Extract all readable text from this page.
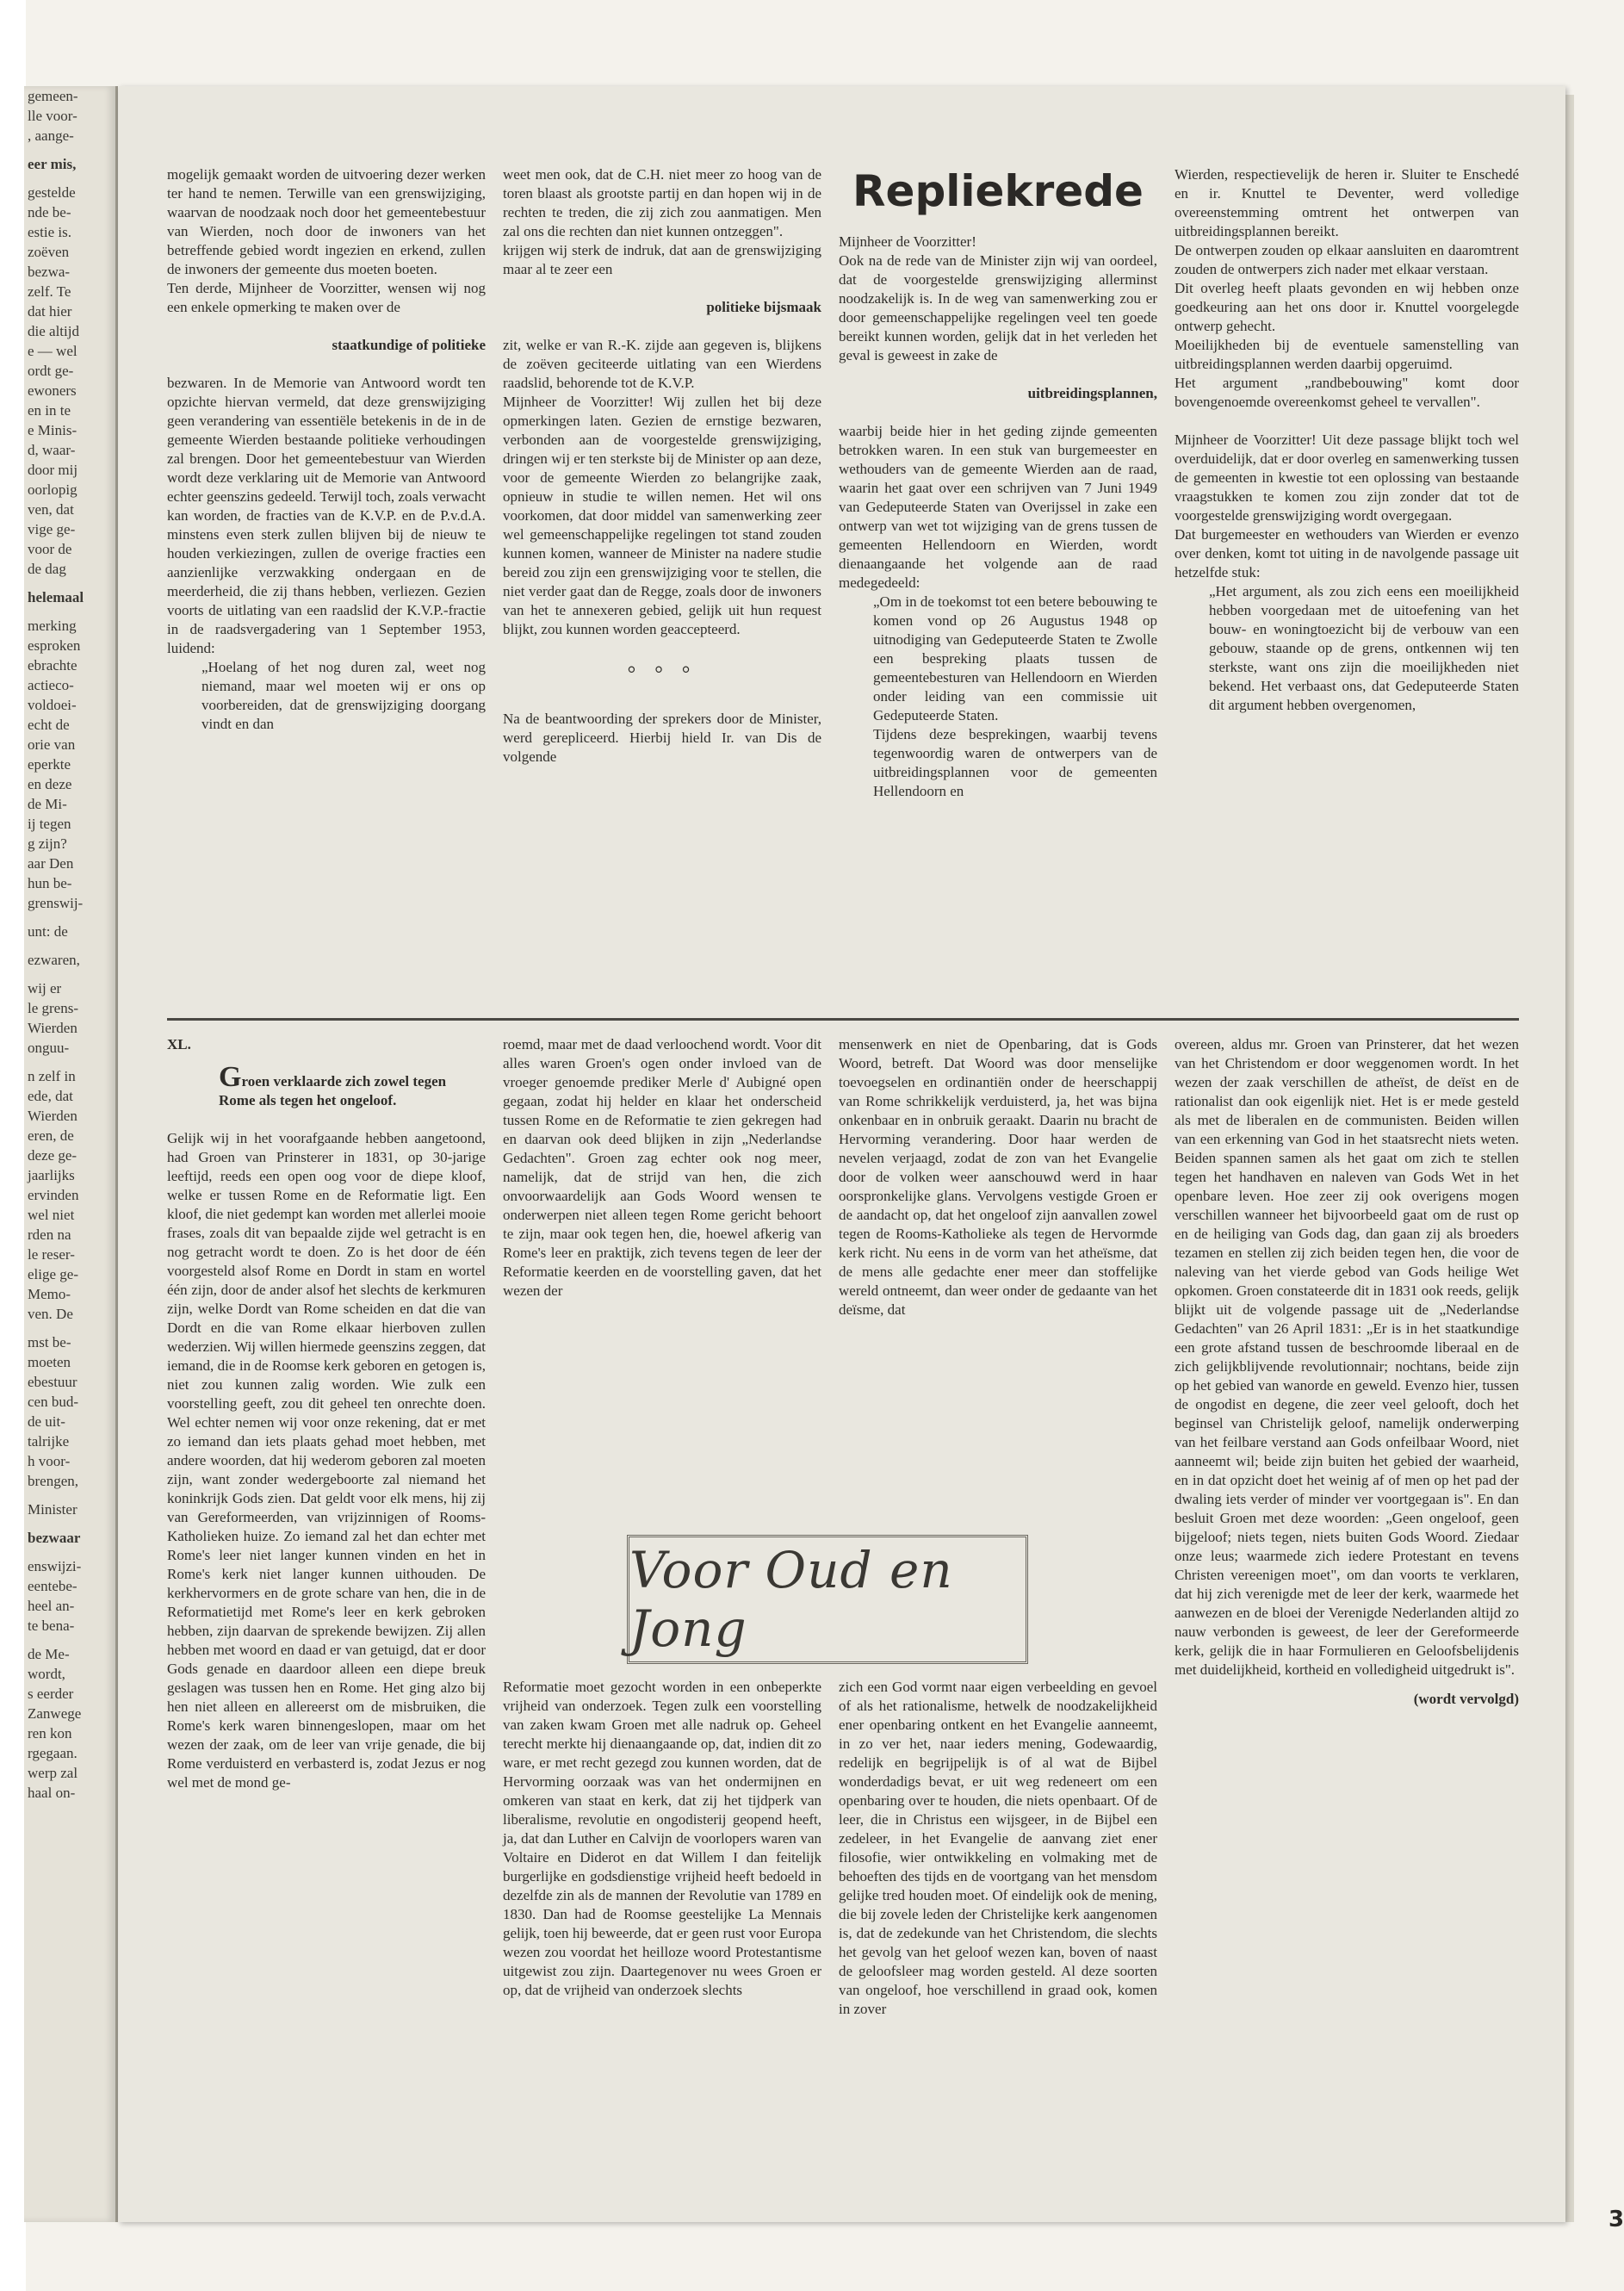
gemeen-
lle voor-
, aange-
eer mis,
gestelde
nde be-
estie is.
zoëven
bezwa-
zelf. Te
dat hier
die altijd
e — wel
ordt ge-
ewoners
en in te
e Minis-
d, waar-
door mij
oorlopig
ven, dat
vige ge-
voor de
de dag
helemaal
merking
esproken
ebrachte
actieco-
voldoei-
echt de
orie van
eperkte
en deze
de Mi-
ij tegen
g zijn?
aar Den
hun be-
grenswij-
unt: de
ezwaren,
wij er
le grens-
Wierden
onguu-
n zelf in
ede, dat
Wierden
eren, de
deze ge-
jaarlijks
ervinden
wel niet
rden na
le reser-
elige ge-
Memo-
ven. De
mst be-
moeten
ebestuur
cen bud-
de uit-
talrijke
h voor-
brengen,
Minister
bezwaar
enswijzi-
eentebe-
heel an-
te bena-
de Me-
wordt,
s eerder
Zanwege
ren kon
rgegaan.
werp zal
haal on-

mogelijk gemaakt worden de uitvoering dezer werken ter hand te nemen. Terwille van een grenswijziging, waarvan de noodzaak noch door het gemeentebestuur van Wierden, noch door de inwoners van het betreffende gebied wordt ingezien en erkend, zullen de inwoners der gemeente dus moeten boeten.

Ten derde, Mijnheer de Voorzitter, wensen wij nog een enkele opmerking te maken over de

staatkundige of politieke

bezwaren. In de Memorie van Antwoord wordt ten opzichte hiervan vermeld, dat deze grenswijziging geen verandering van essentiële betekenis in de in de gemeente Wierden bestaande politieke verhoudingen zal brengen. Door het gemeentebestuur van Wierden wordt deze verklaring uit de Memorie van Antwoord echter geenszins gedeeld. Terwijl toch, zoals verwacht kan worden, de fracties van de K.V.P. en de P.v.d.A. minstens even sterk zullen blijven bij de nieuw te houden verkiezingen, zullen de overige fracties een aanzienlijke verzwakking ondergaan en de meerderheid, die zij thans hebben, verliezen. Gezien voorts de uitlating van een raadslid der K.V.P.-fractie in de raadsvergadering van 1 September 1953, luidend:

„Hoelang of het nog duren zal, weet nog niemand, maar wel moeten wij er ons op voorbereiden, dat de grenswijziging doorgang vindt en dan

weet men ook, dat de C.H. niet meer zo hoog van de toren blaast als grootste partij en dan hopen wij in de rechten te treden, die zij zich zou aanmatigen. Men zal ons die rechten dan niet kunnen ontzeggen".

krijgen wij sterk de indruk, dat aan de grenswijziging maar al te zeer een

politieke bijsmaak

zit, welke er van R.-K. zijde aan gegeven is, blijkens de zoëven geciteerde uitlating van een Wierdens raadslid, behorende tot de K.V.P.

Mijnheer de Voorzitter! Wij zullen het bij deze opmerkingen laten. Gezien de ernstige bezwaren, verbonden aan de voorgestelde grenswijziging, dringen wij er ten sterkste bij de Minister op aan deze, voor de gemeente Wierden zo belangrijke zaak, opnieuw in studie te willen nemen. Het wil ons voorkomen, dat door middel van samenwerking zeer wel gemeenschappelijke regelingen tot stand zouden kunnen komen, wanneer de Minister na nadere studie bereid zou zijn een grenswijziging voor te stellen, die niet verder gaat dan de Regge, zoals door de inwoners van het te annexeren gebied, gelijk uit hun request blijkt, zou kunnen worden geaccepteerd.

° ° °

Na de beantwoording der sprekers door de Minister, werd gerepliceerd. Hierbij hield Ir. van Dis de volgende

Repliekrede

Mijnheer de Voorzitter!

Ook na de rede van de Minister zijn wij van oordeel, dat de voorgestelde grenswijziging allerminst noodzakelijk is. In de weg van samenwerking zou er door gemeenschappelijke regelingen veel ten goede bereikt kunnen worden, gelijk dat in het verleden het geval is geweest in zake de

uitbreidingsplannen,

waarbij beide hier in het geding zijnde gemeenten betrokken waren. In een stuk van burgemeester en wethouders van de gemeente Wierden aan de raad, waarin het gaat over een schrijven van 7 Juni 1949 van Gedeputeerde Staten van Overijssel in zake een ontwerp van wet tot wijziging van de grens tussen de gemeenten Hellendoorn en Wierden, wordt dienaangaande het volgende aan de raad medegedeeld:

„Om in de toekomst tot een betere bebouwing te komen vond op 26 Augustus 1948 op uitnodiging van Gedeputeerde Staten te Zwolle een bespreking plaats tussen de gemeentebesturen van Hellendoorn en Wierden onder leiding van een commissie uit Gedeputeerde Staten.

Tijdens deze besprekingen, waarbij tevens tegenwoordig waren de ontwerpers van de uitbreidingsplannen voor de gemeenten Hellendoorn en

Wierden, respectievelijk de heren ir. Sluiter te Enschedé en ir. Knuttel te Deventer, werd volledige overeenstemming omtrent het ontwerpen van uitbreidingsplannen bereikt.

De ontwerpen zouden op elkaar aansluiten en daaromtrent zouden de ontwerpers zich nader met elkaar verstaan.

Dit overleg heeft plaats gevonden en wij hebben onze goedkeuring aan het ons door ir. Knuttel voorgelegde ontwerp gehecht.

Moeilijkheden bij de eventuele samenstelling van uitbreidingsplannen werden daarbij opgeruimd.

Het argument „randbebouwing" komt door bovengenoemde overeenkomst geheel te vervallen".

Mijnheer de Voorzitter! Uit deze passage blijkt toch wel overduidelijk, dat er door overleg en samenwerking tussen de gemeenten in kwestie tot een oplossing van bestaande vraagstukken te komen zou zijn zonder dat tot de voorgestelde grenswijziging wordt overgegaan.

Dat burgemeester en wethouders van Wierden er evenzo over denken, komt tot uiting in de navolgende passage uit hetzelfde stuk:

„Het argument, als zou zich eens een moeilijkheid hebben voorgedaan met de uitoefening van het bouw- en woningtoezicht bij de verbouw van een gebouw, staande op de grens, ontkennen wij ten sterkste, want ons zijn die moeilijkheden niet bekend. Het verbaast ons, dat Gedeputeerde Staten dit argument hebben overgenomen,

XL.

Groen verklaarde zich zowel tegen Rome als tegen het ongeloof.

Gelijk wij in het voorafgaande hebben aangetoond, had Groen van Prinsterer in 1831, op 30-jarige leeftijd, reeds een open oog voor de diepe kloof, welke er tussen Rome en de Reformatie ligt. Een kloof, die niet gedempt kan worden met allerlei mooie frases, zoals dit van bepaalde zijde wel getracht is en nog getracht wordt te doen. Zo is het door de één voorgesteld alsof Rome en Dordt in stam en wortel één zijn, door de ander alsof het slechts de kerkmuren zijn, welke Dordt van Rome scheiden en dat die van Dordt en die van Rome elkaar hierboven zullen wederzien. Wij willen hiermede geenszins zeggen, dat iemand, die in de Roomse kerk geboren en getogen is, niet zou kunnen zalig worden. Wie zulk een voorstelling geeft, zou dit geheel ten onrechte doen. Wel echter nemen wij voor onze rekening, dat er met zo iemand dan iets plaats gehad moet hebben, met andere woorden, dat hij wederom geboren zal moeten zijn, want zonder wedergeboorte zal niemand het koninkrijk Gods zien. Dat geldt voor elk mens, hij zij van Gereformeerden, van vrijzinnigen of Rooms-Katholieken huize. Zo iemand zal het dan echter met Rome's leer niet langer kunnen vinden en het in Rome's kerk niet langer kunnen uithouden. De kerkhervormers en de grote schare van hen, die in de Reformatietijd met Rome's leer en kerk gebroken hebben, zijn daarvan de sprekende bewijzen. Zij allen hebben met woord en daad er van getuigd, dat er door Gods genade en daardoor alleen een diepe breuk geslagen was tussen hen en Rome. Het ging alzo bij hen niet alleen en allereerst om de misbruiken, die Rome's kerk waren binnengeslopen, maar om het wezen der zaak, om de leer van vrije genade, die bij Rome verduisterd en verbasterd is, zodat Jezus er nog wel met de mond ge-

roemd, maar met de daad verloochend wordt. Voor dit alles waren Groen's ogen onder invloed van de vroeger genoemde prediker Merle d' Aubigné open gegaan, zodat hij helder en klaar het onderscheid tussen Rome en de Reformatie te zien gekregen had en daarvan ook deed blijken in zijn „Nederlandse Gedachten". Groen zag echter ook nog meer, namelijk, dat de strijd van hen, die zich onvoorwaardelijk aan Gods Woord wensen te onderwerpen niet alleen tegen Rome gericht behoort te zijn, maar ook tegen hen, die, hoewel afkerig van Rome's leer en praktijk, zich tevens tegen de leer der Reformatie keerden en de voorstelling gaven, dat het wezen der

mensenwerk en niet de Openbaring, dat is Gods Woord, betreft. Dat Woord was door menselijke toevoegselen en ordinantiën onder de heerschappij van Rome schrikkelijk verduisterd, ja, het was bijna onkenbaar en in onbruik geraakt. Daarin nu bracht de Hervorming verandering. Door haar werden de nevelen verjaagd, zodat de zon van het Evangelie door de volken weer aanschouwd werd in haar oorspronkelijke glans. Vervolgens vestigde Groen er de aandacht op, dat het ongeloof zijn aanvallen zowel tegen de Rooms-Katholieke als tegen de Hervormde kerk richt. Nu eens in de vorm van het atheïsme, dat de mens alle gedachte ener meer dan stoffelijke wereld ontneemt, dan weer onder de gedaante van het deïsme, dat

Voor Oud en Jong

Reformatie moet gezocht worden in een onbeperkte vrijheid van onderzoek. Tegen zulk een voorstelling van zaken kwam Groen met alle nadruk op. Geheel terecht merkte hij dienaangaande op, dat, indien dit zo ware, er met recht gezegd zou kunnen worden, dat de Hervorming oorzaak was van het ondermijnen en omkeren van staat en kerk, dat zij het tijdperk van liberalisme, revolutie en ongodisterij geopend heeft, ja, dat dan Luther en Calvijn de voorlopers waren van Voltaire en Diderot en dat Willem I dan feitelijk burgerlijke en godsdienstige vrijheid heeft bedoeld in dezelfde zin als de mannen der Revolutie van 1789 en 1830. Dan had de Roomse geestelijke La Mennais gelijk, toen hij beweerde, dat er geen rust voor Europa wezen zou voordat het heilloze woord Protestantisme uitgewist zou zijn. Daartegenover nu wees Groen er op, dat de vrijheid van onderzoek slechts

zich een God vormt naar eigen verbeelding en gevoel of als het rationalisme, hetwelk de noodzakelijkheid ener openbaring ontkent en het Evangelie aanneemt, in zo ver het, naar ieders mening, Godewaardig, redelijk en begrijpelijk is of al wat de Bijbel wonderdadigs bevat, er uit weg redeneert om een openbaring over te houden, die niets openbaart. Of de leer, die in Christus een wijsgeer, in de Bijbel een zedeleer, in het Evangelie de aanvang ziet ener filosofie, wier ontwikkeling en volmaking met de behoeften des tijds en de voortgang van het mensdom gelijke tred houden moet. Of eindelijk ook de mening, die bij zovele leden der Christelijke kerk aangenomen is, dat de zedekunde van het Christendom, die slechts het gevolg van het geloof wezen kan, boven of naast de geloofsleer mag worden gesteld. Al deze soorten van ongeloof, hoe verschillend in graad ook, komen in zover

overeen, aldus mr. Groen van Prinsterer, dat het wezen van het Christendom er door weggenomen wordt. In het wezen der zaak verschillen de atheïst, de deïst en de rationalist dan ook eigenlijk niet. Het is er mede gesteld als met de liberalen en de communisten. Beiden willen van een erkenning van God in het staatsrecht niets weten. Beiden spannen samen als het gaat om zich te stellen tegen het handhaven en naleven van Gods Wet in het openbare leven. Hoe zeer zij ook overigens mogen verschillen wanneer het bijvoorbeeld gaat om de rust op en de heiliging van Gods dag, dan gaan zij als broeders tezamen en stellen zij zich beiden tegen hen, die voor de naleving van het vierde gebod van Gods heilige Wet opkomen. Groen constateerde dit in 1831 ook reeds, gelijk blijkt uit de volgende passage uit de „Nederlandse Gedachten" van 26 April 1831: „Er is in het staatkundige een grote afstand tussen de beschroomde liberaal en de zich gelijkblijvende revolutionnair; nochtans, beide zijn op het gebied van wanorde en geweld. Evenzo hier, tussen de ongodist en degene, die zeer veel gelooft, doch het beginsel van Christelijk geloof, namelijk onderwerping van het feilbare verstand aan Gods onfeilbaar Woord, niet aanneemt wil; beide zijn buiten het gebied der waarheid, en in dat opzicht doet het weinig af of men op het pad der dwaling iets verder of minder ver voortgegaan is". En dan besluit Groen met deze woorden: „Geen ongeloof, geen bijgeloof; niets tegen, niets buiten Gods Woord. Ziedaar onze leus; waarmede zich iedere Protestant en tevens Christen vereenigen moet", om dan voorts te verklaren, dat hij zich verenigde met de leer der kerk, waarmede het aanwezen en de bloei der Verenigde Nederlanden altijd zo nauw verbonden is geweest, de leer der Gereformeerde kerk, gelijk die in haar Formulieren en Geloofsbelijdenis met duidelijkheid, kortheid en volledigheid uitgedrukt is".

(wordt vervolgd)

3
